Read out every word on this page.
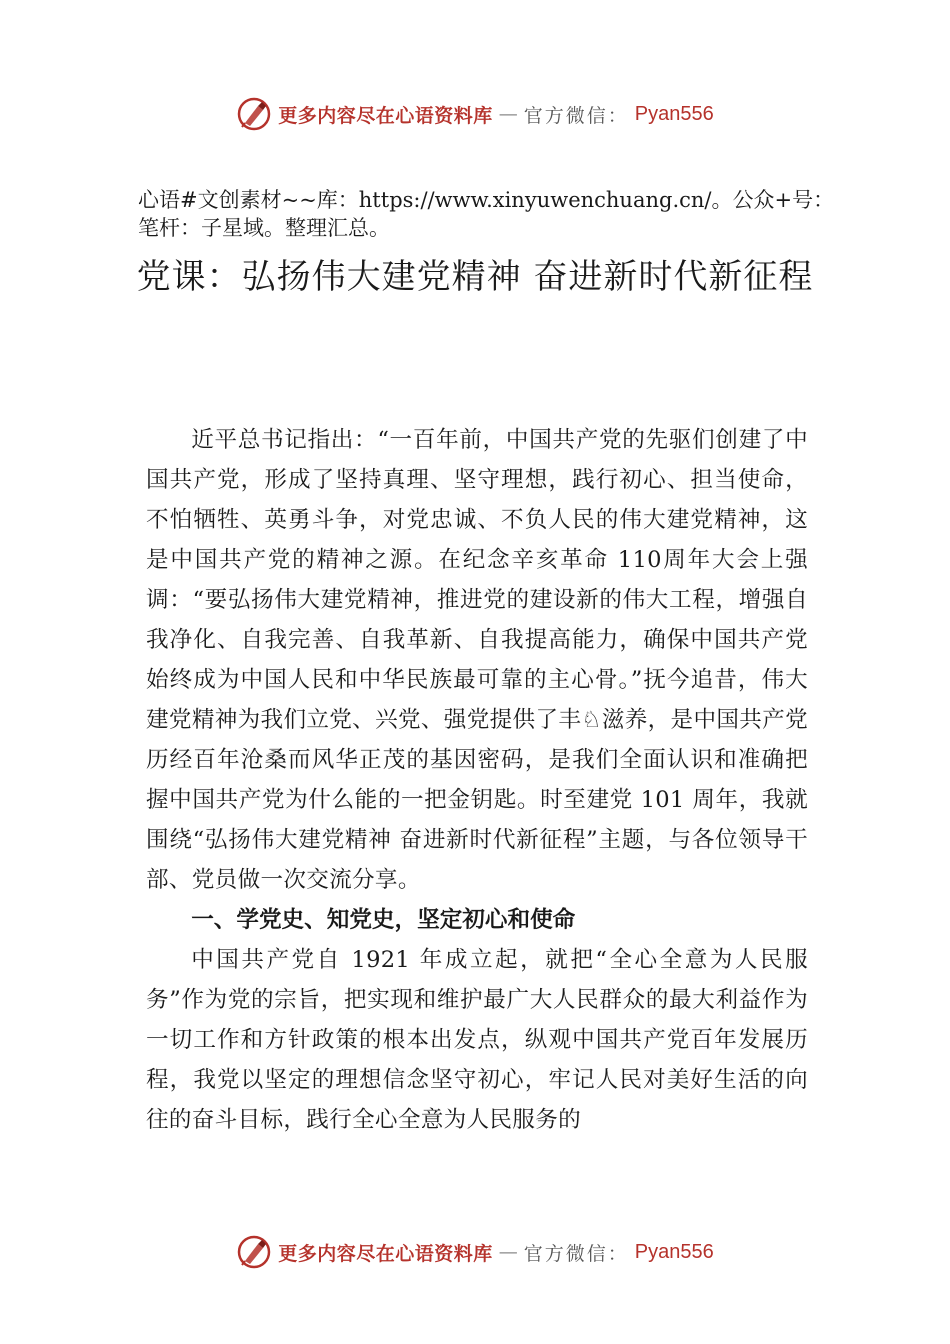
更多内容尽在心语资料库 — 官方微信： Pyan556
心语#文创素材~~库：https://www.xinyuwenchuang.cn/。公众+号：笔杆：子星域。整理汇总。
党课：弘扬伟大建党精神 奋进新时代新征程

近平总书记指出：“一百年前，中国共产党的先驱们创建了中国共产党，形成了坚持真理、坚守理想，践行初心、担当使命，不怕牺牲、英勇斗争，对党忠诚、不负人民的伟大建党精神，这是中国共产党的精神之源。在纪念辛亥革命 110周年大会上强调：“要弘扬伟大建党精神，推进党的建设新的伟大工程，增强自我净化、自我完善、自我革新、自我提高能力，确保中国共产党始终成为中国人民和中华民族最可靠的主心骨。”抚今追昔，伟大建党精神为我们立党、兴党、强党提供了丰♘滋养，是中国共产党历经百年沧桑而风华正茂的基因密码，是我们全面认识和准确把握中国共产党为什么能的一把金钥匙。时至建党 101 周年，我就围绕“弘扬伟大建党精神 奋进新时代新征程”主题，与各位领导干部、党员做一次交流分享。

一、学党史、知党史，坚定初心和使命

中国共产党自 1921 年成立起，就把“全心全意为人民服务”作为党的宗旨，把实现和维护最广大人民群众的最大利益作为一切工作和方针政策的根本出发点，纵观中国共产党百年发展历程，我党以坚定的理想信念坚守初心，牢记人民对美好生活的向往的奋斗目标，践行全心全意为人民服务的

更多内容尽在心语资料库 — 官方微信： Pyan556
